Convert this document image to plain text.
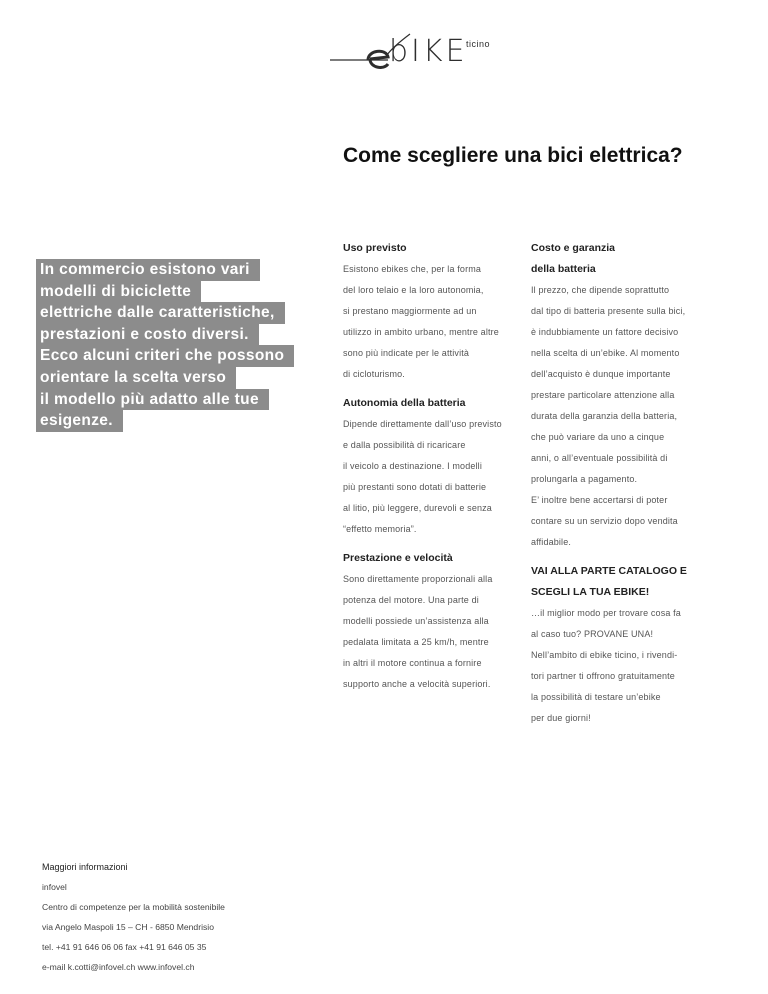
bIKE
ticino
Come scegliere una bici elettrica?
In commercio esistono vari
modelli di biciclette
elettriche dalle caratteristiche,
prestazioni e costo diversi.
Ecco alcuni criteri che possono
orientare la scelta verso
il modello più adatto alle tue
esigenze.
Uso previsto
Esistono ebikes che, per la forma
del loro telaio e la loro autonomia,
si prestano maggiormente ad un
utilizzo in ambito urbano, mentre altre
sono più indicate per le attività
di cicloturismo.
Autonomia della batteria
Dipende direttamente dall’uso previsto
e dalla possibilità di ricaricare
il veicolo a destinazione. I modelli
più prestanti sono dotati di batterie
al litio, più leggere, durevoli e senza
“effetto memoria”.
Prestazione e velocità
Sono direttamente proporzionali alla
potenza del motore. Una parte di
modelli possiede un’assistenza alla
pedalata limitata a 25 km/h, mentre
in altri il motore continua a fornire
supporto anche a velocità superiori.
Costo e garanzia
della batteria
Il prezzo, che dipende soprattutto
dal tipo di batteria presente sulla bici,
è indubbiamente un fattore decisivo
nella scelta di un’ebike. Al momento
dell’acquisto è dunque importante
prestare particolare attenzione alla
durata della garanzia della batteria,
che può variare da uno a cinque
anni, o all’eventuale possibilità di
prolungarla a pagamento.
E’ inoltre bene accertarsi di poter
contare su un servizio dopo vendita
affidabile.
VAI ALLA PARTE CATALOGO E
SCEGLI LA TUA EBIKE!
…il miglior modo per trovare cosa fa
al caso tuo? PROVANE UNA!
Nell’ambito di ebike ticino, i rivendi-
tori partner ti offrono gratuitamente
la possibilità di testare un’ebike
per due giorni!
Maggiori informazioni
infovel
Centro di competenze per la mobilità sostenibile
via Angelo Maspoli 15 – CH - 6850 Mendrisio
tel. +41 91 646 06 06 fax +41 91 646 05 35
e-mail k.cotti@infovel.ch www.infovel.ch
